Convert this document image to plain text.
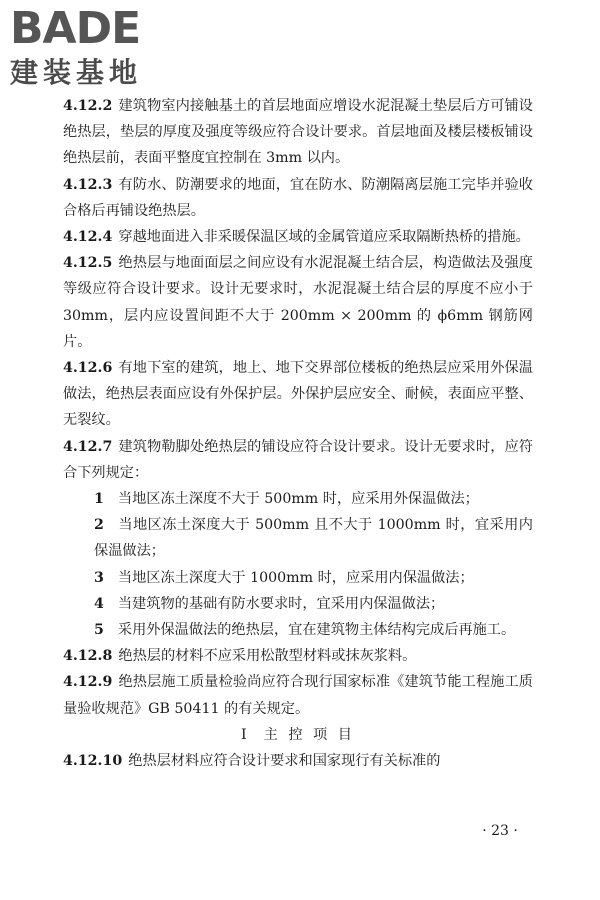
BADE
建装基地

4.12.2 建筑物室内接触基土的首层地面应增设水泥混凝土垫层后方可铺设绝热层，垫层的厚度及强度等级应符合设计要求。首层地面及楼层楼板铺设绝热层前，表面平整度宜控制在 3mm 以内。

4.12.3 有防水、防潮要求的地面，宜在防水、防潮隔离层施工完毕并验收合格后再铺设绝热层。

4.12.4 穿越地面进入非采暖保温区域的金属管道应采取隔断热桥的措施。

4.12.5 绝热层与地面面层之间应设有水泥混凝土结合层，构造做法及强度等级应符合设计要求。设计无要求时，水泥混凝土结合层的厚度不应小于 30mm，层内应设置间距不大于 200mm × 200mm 的 ϕ6mm 钢筋网片。

4.12.6 有地下室的建筑，地上、地下交界部位楼板的绝热层应采用外保温做法，绝热层表面应设有外保护层。外保护层应安全、耐候，表面应平整、无裂纹。

4.12.7 建筑物勒脚处绝热层的铺设应符合设计要求。设计无要求时，应符合下列规定：

1 当地区冻土深度不大于 500mm 时，应采用外保温做法；

2 当地区冻土深度大于 500mm 且不大于 1000mm 时，宜采用内保温做法；

3 当地区冻土深度大于 1000mm 时，应采用内保温做法；

4 当建筑物的基础有防水要求时，宜采用内保温做法；

5 采用外保温做法的绝热层，宜在建筑物主体结构完成后再施工。

4.12.8 绝热层的材料不应采用松散型材料或抹灰浆料。

4.12.9 绝热层施工质量检验尚应符合现行国家标准《建筑节能工程施工质量验收规范》GB 50411 的有关规定。

Ⅰ 主 控 项 目

4.12.10 绝热层材料应符合设计要求和国家现行有关标准的

· 23 ·
